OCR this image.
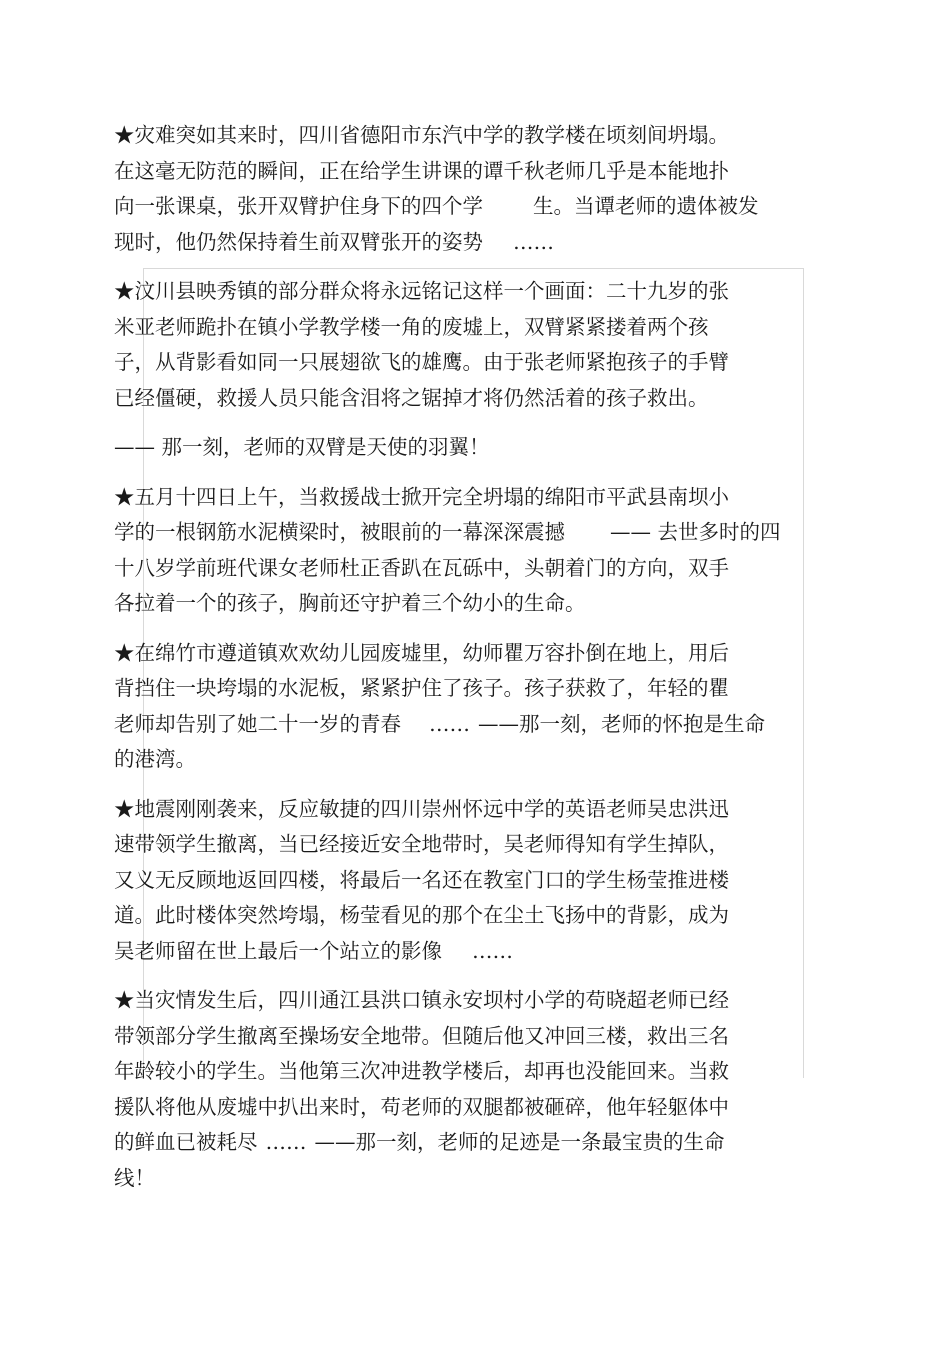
★灾难突如其来时，四川省德阳市东汽中学的教学楼在顷刻间坍塌。
在这毫无防范的瞬间，正在给学生讲课的谭千秋老师几乎是本能地扑
向一张课桌，张开双臂护住身下的四个学 生。当谭老师的遗体被发
现时，他仍然保持着生前双臂张开的姿势 ……

★汶川县映秀镇的部分群众将永远铭记这样一个画面：二十九岁的张
米亚老师跪扑在镇小学教学楼一角的废墟上，双臂紧紧搂着两个孩
子，从背影看如同一只展翅欲飞的雄鹰。由于张老师紧抱孩子的手臂
已经僵硬，救援人员只能含泪将之锯掉才将仍然活着的孩子救出。

—— 那一刻，老师的双臂是天使的羽翼！

★五月十四日上午，当救援战士掀开完全坍塌的绵阳市平武县南坝小
学的一根钢筋水泥横梁时，被眼前的一幕深深震撼 —— 去世多时的四
十八岁学前班代课女老师杜正香趴在瓦砾中，头朝着门的方向，双手
各拉着一个的孩子，胸前还守护着三个幼小的生命。

★在绵竹市遵道镇欢欢幼儿园废墟里，幼师瞿万容扑倒在地上，用后
背挡住一块垮塌的水泥板，紧紧护住了孩子。孩子获救了，年轻的瞿
老师却告别了她二十一岁的青春 …… ——那一刻，老师的怀抱是生命
的港湾。

★地震刚刚袭来，反应敏捷的四川崇州怀远中学的英语老师吴忠洪迅
速带领学生撤离，当已经接近安全地带时，吴老师得知有学生掉队，
又义无反顾地返回四楼，将最后一名还在教室门口的学生杨莹推进楼
道。此时楼体突然垮塌，杨莹看见的那个在尘土飞扬中的背影，成为
吴老师留在世上最后一个站立的影像 ……

★当灾情发生后，四川通江县洪口镇永安坝村小学的苟晓超老师已经
带领部分学生撤离至操场安全地带。但随后他又冲回三楼，救出三名
年龄较小的学生。当他第三次冲进教学楼后，却再也没能回来。当救
援队将他从废墟中扒出来时，苟老师的双腿都被砸碎，他年轻躯体中
的鲜血已被耗尽 …… ——那一刻，老师的足迹是一条最宝贵的生命
线！
